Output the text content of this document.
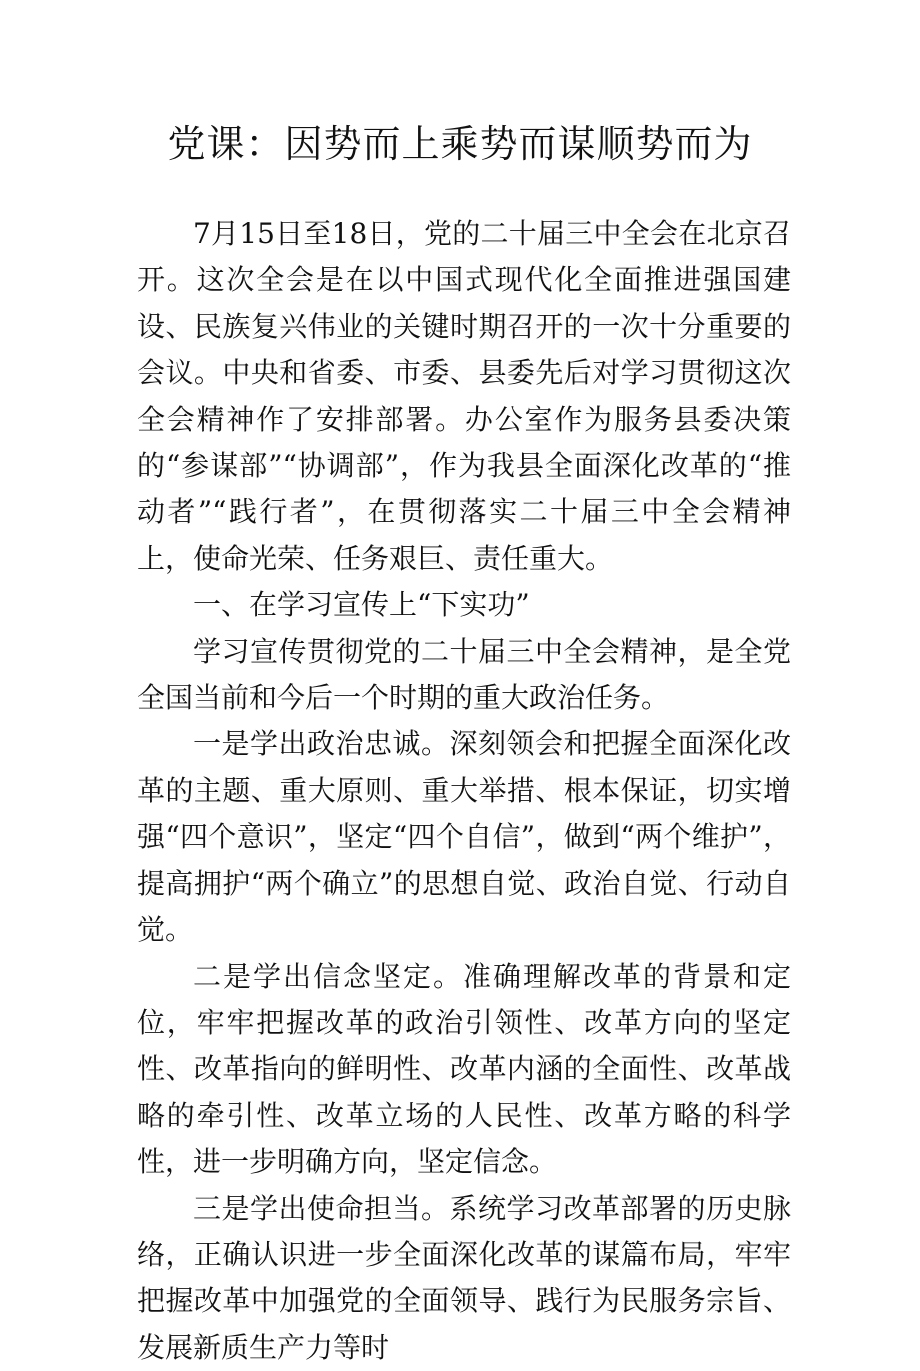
党课：因势而上乘势而谋顺势而为

7月15日至18日，党的二十届三中全会在北京召开。这次全会是在以中国式现代化全面推进强国建设、民族复兴伟业的关键时期召开的一次十分重要的会议。中央和省委、市委、县委先后对学习贯彻这次全会精神作了安排部署。办公室作为服务县委决策的“参谋部”“协调部”，作为我县全面深化改革的“推动者”“践行者”，在贯彻落实二十届三中全会精神上，使命光荣、任务艰巨、责任重大。

一、在学习宣传上“下实功”

学习宣传贯彻党的二十届三中全会精神，是全党全国当前和今后一个时期的重大政治任务。

一是学出政治忠诚。深刻领会和把握全面深化改革的主题、重大原则、重大举措、根本保证，切实增强“四个意识”，坚定“四个自信”，做到“两个维护”，提高拥护“两个确立”的思想自觉、政治自觉、行动自觉。

二是学出信念坚定。准确理解改革的背景和定位，牢牢把握改革的政治引领性、改革方向的坚定性、改革指向的鲜明性、改革内涵的全面性、改革战略的牵引性、改革立场的人民性、改革方略的科学性，进一步明确方向，坚定信念。

三是学出使命担当。系统学习改革部署的历史脉络，正确认识进一步全面深化改革的谋篇布局，牢牢把握改革中加强党的全面领导、践行为民服务宗旨、发展新质生产力等时
